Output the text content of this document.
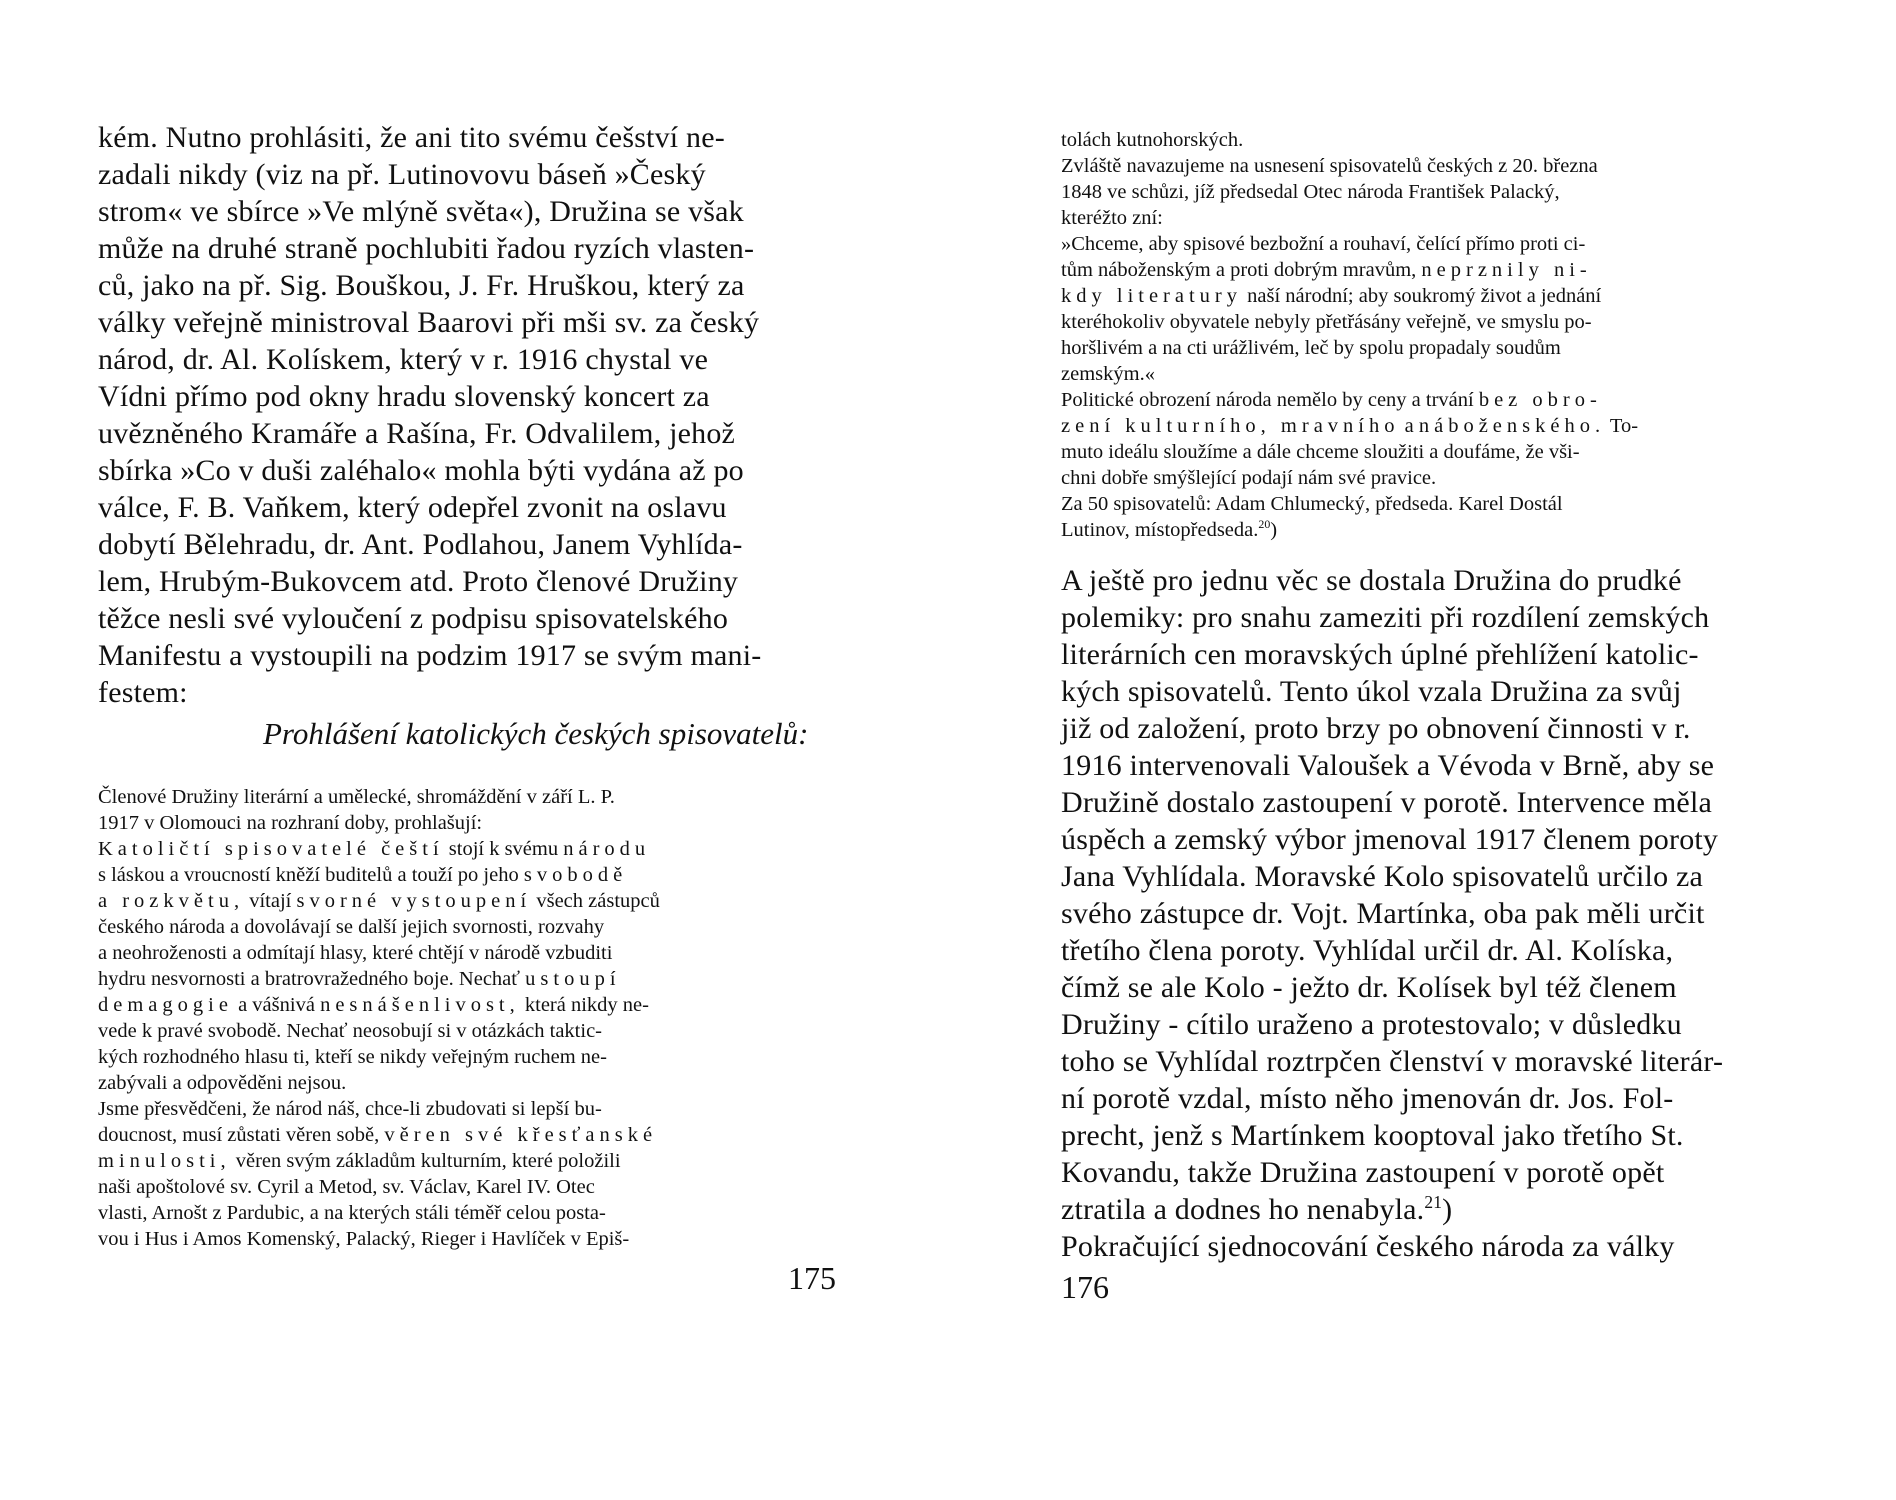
kém. Nutno prohlásiti, že ani tito svému češství ne-
zadali nikdy (viz na př. Lutinovovu báseň »Český
strom« ve sbírce »Ve mlýně světa«), Družina se však
může na druhé straně pochlubiti řadou ryzích vlasten-
ců, jako na př. Sig. Bouškou, J. Fr. Hruškou, který za
války veřejně ministroval Baarovi při mši sv. za český
národ, dr. Al. Kolískem, který v r. 1916 chystal ve
Vídni přímo pod okny hradu slovenský koncert za
uvězněného Kramáře a Rašína, Fr. Odvalilem, jehož
sbírka »Co v duši zaléhalo« mohla býti vydána až po
válce, F. B. Vaňkem, který odepřel zvonit na oslavu
dobytí Bělehradu, dr. Ant. Podlahou, Janem Vyhlída-
lem, Hrubým-Bukovcem atd. Proto členové Družiny
těžce nesli své vyloučení z podpisu spisovatelského
Manifestu a vystoupili na podzim 1917 se svým mani-
festem:
Prohlášení katolických českých spisovatelů:
Členové Družiny literární a umělecké, shromáždění v září L. P.
1917 v Olomouci na rozhraní doby, prohlašují:
Katoličtí spisovatelé čeští stojí k svému národu
s láskou a vroucností kněží buditelů a touží po jeho svobodě
a rozkvětu, vítají svorné vystoupení všech zástupců
českého národa a dovolávají se další jejich svornosti, rozvahy
a neohroženosti a odmítají hlasy, které chtějí v národě vzbuditi
hydru nesvornosti a bratrovražedného boje. Nechať ustoupí
demagogie a vášnivá nesnášenlivost, která nikdy ne-
vede k pravé svobodě. Nechať neosobují si v otázkách taktic-
kých rozhodného hlasu ti, kteří se nikdy veřejným ruchem ne-
zabývali a odpověděni nejsou.
Jsme přesvědčeni, že národ náš, chce-li zbudovati si lepší bu-
doucnost, musí zůstati věren sobě, věren své křesťanské
minulosti, věren svým základům kulturním, které položili
naši apoštolové sv. Cyril a Metod, sv. Václav, Karel IV. Otec
vlasti, Arnošt z Pardubic, a na kterých stáli téměř celou posta-
vou i Hus i Amos Komenský, Palacký, Rieger i Havlíček v Epiš-
175
tolách kutnohorských.
Zvláště navazujeme na usnesení spisovatelů českých z 20. března
1848 ve schůzi, jíž předsedal Otec národa František Palacký,
kteréžto zní:
»Chceme, aby spisové bezbožní a rouhaví, čelící přímo proti ci-
tům náboženským a proti dobrým mravům, neprznily ni-
kdy literatury naší národní; aby soukromý život a jednání
kteréhokoliv obyvatele nebyly přetřásány veřejně, ve smyslu po-
horšlivém a na cti urážlivém, leč by spolu propadaly soudům
zemským.«
Politické obrození národa nemělo by ceny a trvání bez obro-
zení kulturního, mravního a náboženského. To-
muto ideálu sloužíme a dále chceme sloužiti a doufáme, že vši-
chni dobře smýšlející podají nám své pravice.
Za 50 spisovatelů: Adam Chlumecký, předseda. Karel Dostál
Lutinov, místopředseda.$^{20}$)
A ještě pro jednu věc se dostala Družina do prudké
polemiky: pro snahu zameziti při rozdílení zemských
literárních cen moravských úplné přehlížení katolic-
kých spisovatelů. Tento úkol vzala Družina za svůj
již od založení, proto brzy po obnovení činnosti v r.
1916 intervenovali Valoušek a Vévoda v Brně, aby se
Družině dostalo zastoupení v porotě. Intervence měla
úspěch a zemský výbor jmenoval 1917 členem poroty
Jana Vyhlídala. Moravské Kolo spisovatelů určilo za
svého zástupce dr. Vojt. Martínka, oba pak měli určit
třetího člena poroty. Vyhlídal určil dr. Al. Kolíska,
čímž se ale Kolo - ježto dr. Kolísek byl též členem
Družiny - cítilo uraženo a protestovalo; v důsledku
toho se Vyhlídal roztrpčen členství v moravské literár-
ní porotě vzdal, místo něho jmenován dr. Jos. Fol-
precht, jenž s Martínkem kooptoval jako třetího St.
Kovandu, takže Družina zastoupení v porotě opět
ztratila a dodnes ho nenabyla.$^{21}$)
Pokračující sjednocování českého národa za války
176
